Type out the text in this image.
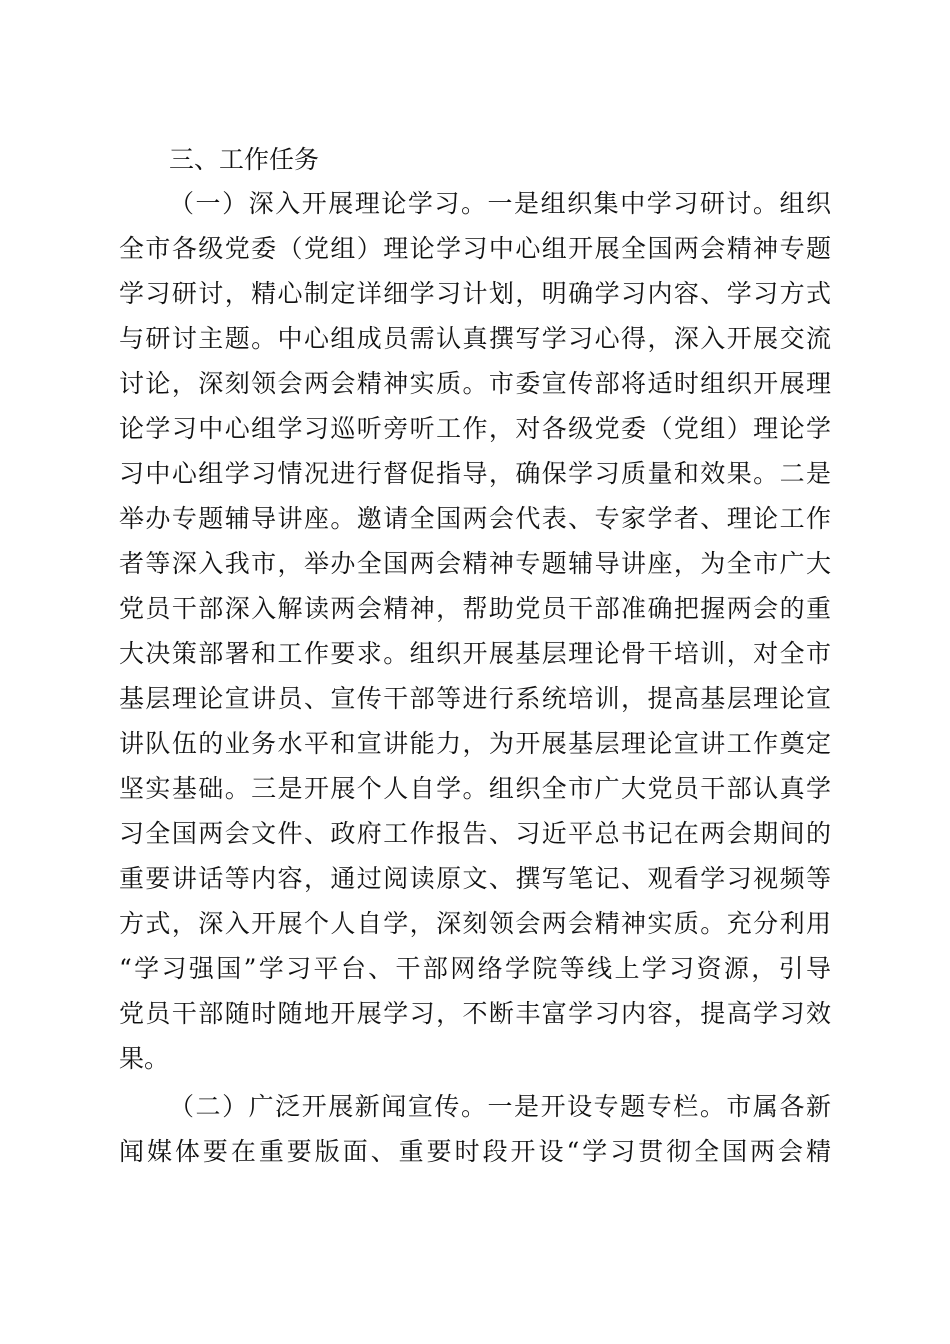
三、工作任务
（一）深入开展理论学习。一是组织集中学习研讨。组织
全市各级党委（党组）理论学习中心组开展全国两会精神专题
学习研讨，精心制定详细学习计划，明确学习内容、学习方式
与研讨主题。中心组成员需认真撰写学习心得，深入开展交流
讨论，深刻领会两会精神实质。市委宣传部将适时组织开展理
论学习中心组学习巡听旁听工作，对各级党委（党组）理论学
习中心组学习情况进行督促指导，确保学习质量和效果。二是
举办专题辅导讲座。邀请全国两会代表、专家学者、理论工作
者等深入我市，举办全国两会精神专题辅导讲座，为全市广大
党员干部深入解读两会精神，帮助党员干部准确把握两会的重
大决策部署和工作要求。组织开展基层理论骨干培训，对全市
基层理论宣讲员、宣传干部等进行系统培训，提高基层理论宣
讲队伍的业务水平和宣讲能力，为开展基层理论宣讲工作奠定
坚实基础。三是开展个人自学。组织全市广大党员干部认真学
习全国两会文件、政府工作报告、习近平总书记在两会期间的
重要讲话等内容，通过阅读原文、撰写笔记、观看学习视频等
方式，深入开展个人自学，深刻领会两会精神实质。充分利用
“学习强国”学习平台、干部网络学院等线上学习资源，引导
党员干部随时随地开展学习，不断丰富学习内容，提高学习效
果。
（二）广泛开展新闻宣传。一是开设专题专栏。市属各新
闻媒体要在重要版面、重要时段开设“学习贯彻全国两会精
